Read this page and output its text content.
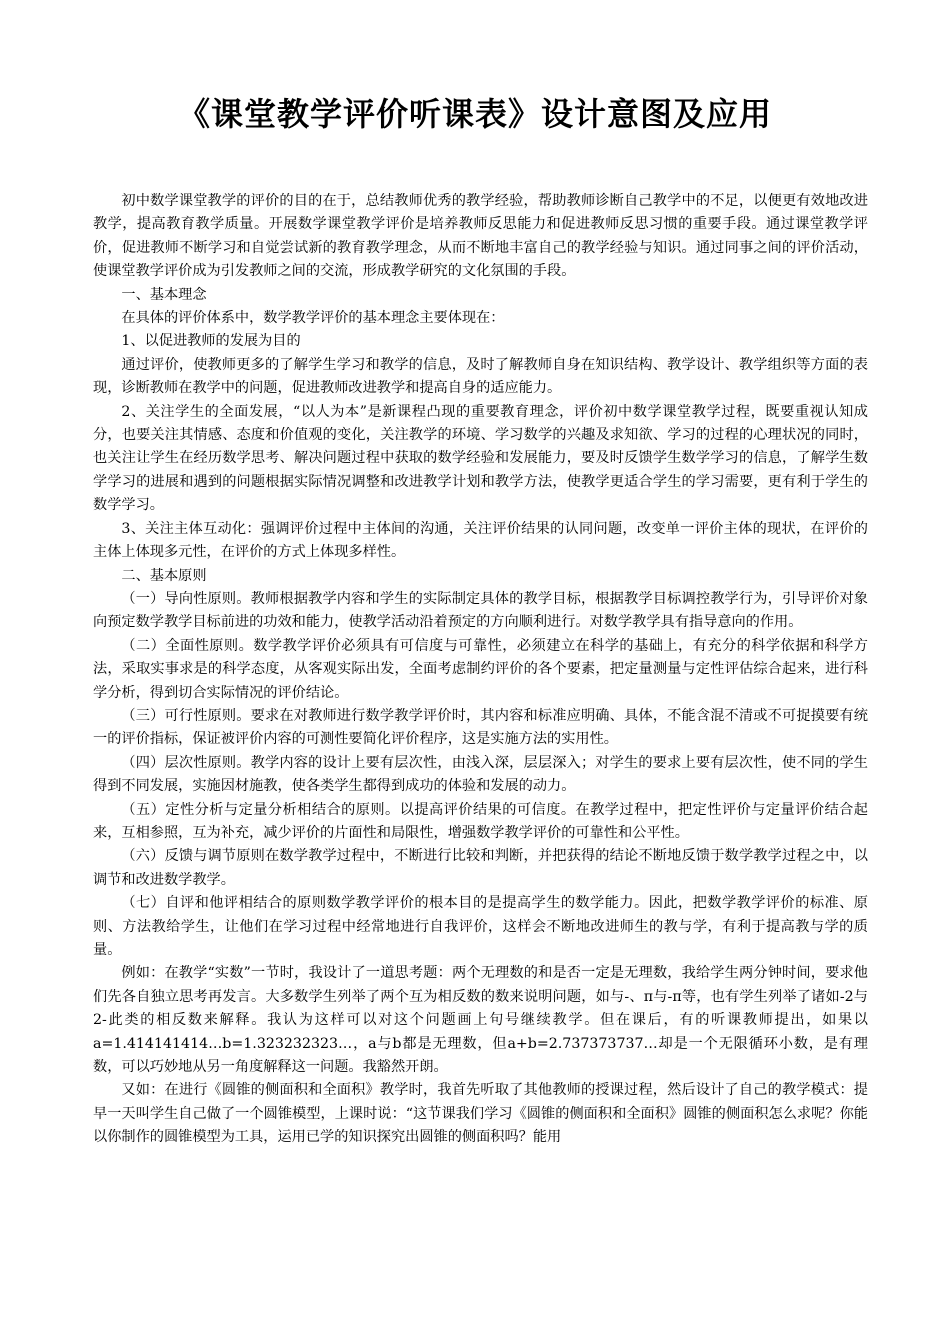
《课堂教学评价听课表》设计意图及应用

初中数学课堂教学的评价的目的在于，总结教师优秀的教学经验，帮助教师诊断自己教学中的不足，以便更有效地改进教学，提高教育教学质量。开展数学课堂教学评价是培养教师反思能力和促进教师反思习惯的重要手段。通过课堂教学评价，促进教师不断学习和自觉尝试新的教育教学理念，从而不断地丰富自己的教学经验与知识。通过同事之间的评价活动，使课堂教学评价成为引发教师之间的交流，形成教学研究的文化氛围的手段。

一、基本理念

在具体的评价体系中，数学教学评价的基本理念主要体现在：

1、以促进教师的发展为目的

通过评价，使教师更多的了解学生学习和教学的信息，及时了解教师自身在知识结构、教学设计、教学组织等方面的表现，诊断教师在教学中的问题，促进教师改进教学和提高自身的适应能力。

2、关注学生的全面发展，“以人为本”是新课程凸现的重要教育理念，评价初中数学课堂教学过程，既要重视认知成分，也要关注其情感、态度和价值观的变化，关注教学的环境、学习数学的兴趣及求知欲、学习的过程的心理状况的同时，也关注让学生在经历数学思考、解决问题过程中获取的数学经验和发展能力，要及时反馈学生数学学习的信息，了解学生数学学习的进展和遇到的问题根据实际情况调整和改进教学计划和教学方法，使教学更适合学生的学习需要，更有利于学生的数学学习。

3、关注主体互动化：强调评价过程中主体间的沟通，关注评价结果的认同问题，改变单一评价主体的现状，在评价的主体上体现多元性，在评价的方式上体现多样性。

二、基本原则

（一）导向性原则。教师根据教学内容和学生的实际制定具体的教学目标，根据教学目标调控教学行为，引导评价对象向预定数学教学目标前进的功效和能力，使教学活动沿着预定的方向顺利进行。对数学教学具有指导意向的作用。

（二）全面性原则。数学教学评价必须具有可信度与可靠性，必须建立在科学的基础上，有充分的科学依据和科学方法，采取实事求是的科学态度，从客观实际出发，全面考虑制约评价的各个要素，把定量测量与定性评估综合起来，进行科学分析，得到切合实际情况的评价结论。

（三）可行性原则。要求在对教师进行数学教学评价时，其内容和标准应明确、具体，不能含混不清或不可捉摸要有统一的评价指标，保证被评价内容的可测性要简化评价程序，这是实施方法的实用性。

（四）层次性原则。教学内容的设计上要有层次性，由浅入深，层层深入；对学生的要求上要有层次性，使不同的学生得到不同发展，实施因材施教，使各类学生都得到成功的体验和发展的动力。

（五）定性分析与定量分析相结合的原则。以提高评价结果的可信度。在教学过程中，把定性评价与定量评价结合起来，互相参照，互为补充，减少评价的片面性和局限性，增强数学教学评价的可靠性和公平性。

（六）反馈与调节原则在数学教学过程中，不断进行比较和判断，并把获得的结论不断地反馈于数学教学过程之中，以调节和改进数学教学。

（七）自评和他评相结合的原则数学教学评价的根本目的是提高学生的数学能力。因此，把数学教学评价的标准、原则、方法教给学生，让他们在学习过程中经常地进行自我评价，这样会不断地改进师生的教与学，有利于提高教与学的质量。

例如：在教学“实数”一节时，我设计了一道思考题：两个无理数的和是否一定是无理数，我给学生两分钟时间，要求他们先各自独立思考再发言。大多数学生列举了两个互为相反数的数来说明问题，如与-、π与-π等，也有学生列举了诸如-2与2-此类的相反数来解释。我认为这样可以对这个问题画上句号继续教学。但在课后，有的听课教师提出，如果以a=1.414141414…b=1.323232323…，a与b都是无理数，但a+b=2.737373737…却是一个无限循环小数，是有理数，可以巧妙地从另一角度解释这一问题。我豁然开朗。

又如：在进行《圆锥的侧面积和全面积》教学时，我首先听取了其他教师的授课过程，然后设计了自己的教学模式：提早一天叫学生自己做了一个圆锥模型，上课时说：“这节课我们学习《圆锥的侧面积和全面积》圆锥的侧面积怎么求呢？你能以你制作的圆锥模型为工具，运用已学的知识探究出圆锥的侧面积吗？能用
